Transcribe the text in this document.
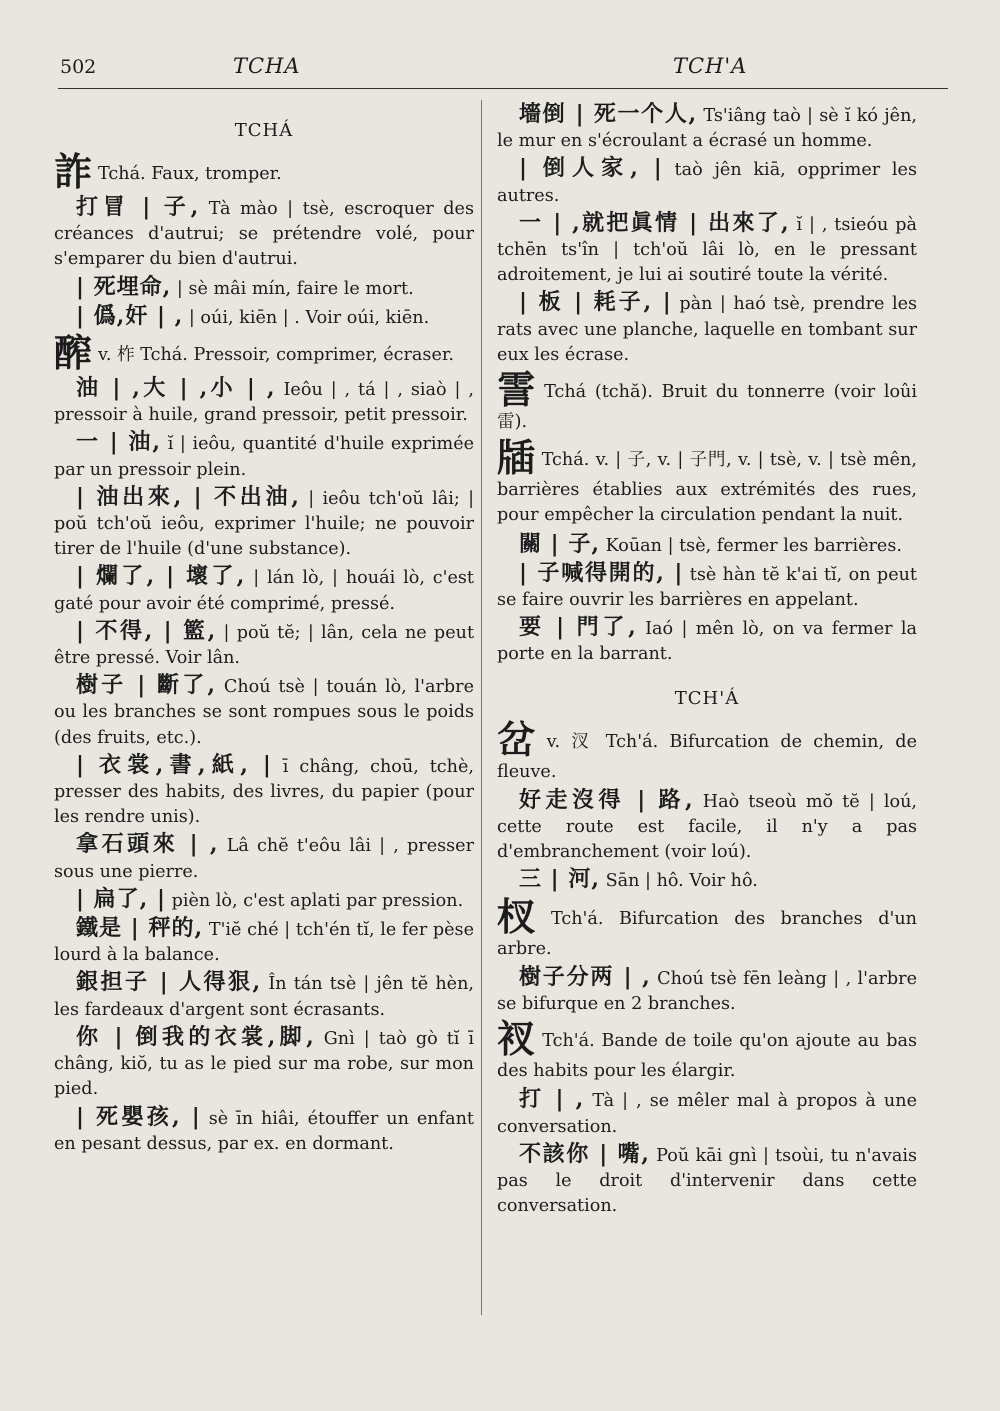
502	TCHA	TCH'A
TCHÁ

詐 Tchá. Faux, tromper.

打冒 | 子, Tà mào | tsè, escroquer des créances d'autrui; se prétendre volé, pour s'emparer du bien d'autrui.

| 死埋命, | sè mâi mín, faire le mort.

| 僞,奸 | , | oúi, kiēn | . Voir oúi, kiēn.

醡v. 柞 Tchá. Pressoir, comprimer, écraser.

油 | ,大 | ,小 | , Ieôu | , tá | , siaò | , pressoir à huile, grand pressoir, petit pressoir.

一 | 油, ĭ | ieôu, quantité d'huile exprimée par un pressoir plein.

| 油出來, | 不出油, | ieôu tch'oŭ lâi; | poŭ tch'oŭ ieôu, exprimer l'huile; ne pouvoir tirer de l'huile (d'une substance).

| 爛了, | 壞了, | lán lò, | houái lò, c'est gaté pour avoir été comprimé, pressé.

| 不得, | 籃, | poŭ tĕ; | lân, cela ne peut être pressé. Voir lân.

樹子 | 斷了, Choú tsè | touán lò, l'arbre ou les branches se sont rompues sous le poids (des fruits, etc.).

| 衣裳,書,紙, | ī châng, choū, tchè, presser des habits, des livres, du papier (pour les rendre unis).

拿石頭來 | , Lâ chĕ t'eôu lâi | , presser sous une pierre.

| 扁了, | pièn lò, c'est aplati par pression.

鐵是 | 秤的, T'iĕ ché | tch'én tĭ, le fer pèse lourd à la balance.

銀担子 | 人得狠, În tán tsè | jên tĕ hèn, les fardeaux d'argent sont écrasants.

你 | 倒我的衣裳,脚, Gnì | taò gò tĭ ī châng, kiŏ, tu as le pied sur ma robe, sur mon pied.

| 死嬰孩, | sè īn hiâi, étouffer un enfant en pesant dessus, par ex. en dormant.

墻倒 | 死一个人, Ts'iâng taò | sè ĭ kó jên, le mur en s'écroulant a écrasé un homme.

| 倒人家, | taò jên kiā, opprimer les autres.

一 | ,就把眞情 | 出來了, ĭ | , tsieóu pà tchēn ts'în | tch'oŭ lâi lò, en le pressant adroitement, je lui ai soutiré toute la vérité.

| 板 | 耗子, | pàn | haó tsè, prendre les rats avec une planche, laquelle en tombant sur eux les écrase.

霅 Tchá (tchă). Bruit du tonnerre (voir loûi 雷).

牐 Tchá. v. | 子, v. | 子門, v. | tsè, v. | tsè mên, barrières établies aux extrémités des rues, pour empêcher la circulation pendant la nuit.

關 | 子, Koūan | tsè, fermer les barrières.

| 子喊得開的, | tsè hàn tĕ k'ai tĭ, on peut se faire ouvrir les barrières en appelant.

要 | 門了, Iaó | mên lò, on va fermer la porte en la barrant.

TCH'Á

岔v. 汊 Tch'á. Bifurcation de chemin, de fleuve.

好走沒得 | 路, Haò tseoù mŏ tĕ | loú, cette route est facile, il n'y a pas d'embranchement (voir loú).

三 | 河, Sān | hô. Voir hô.

杈 Tch'á. Bifurcation des branches d'un arbre.

樹子分两 | , Choú tsè fēn leàng | , l'arbre se bifurque en 2 branches.

衩 Tch'á. Bande de toile qu'on ajoute au bas des habits pour les élargir.

打 | , Tà | , se mêler mal à propos à une conversation.

不該你 | 嘴, Poŭ kāi gnì | tsoùi, tu n'avais pas le droit d'intervenir dans cette conversation.
